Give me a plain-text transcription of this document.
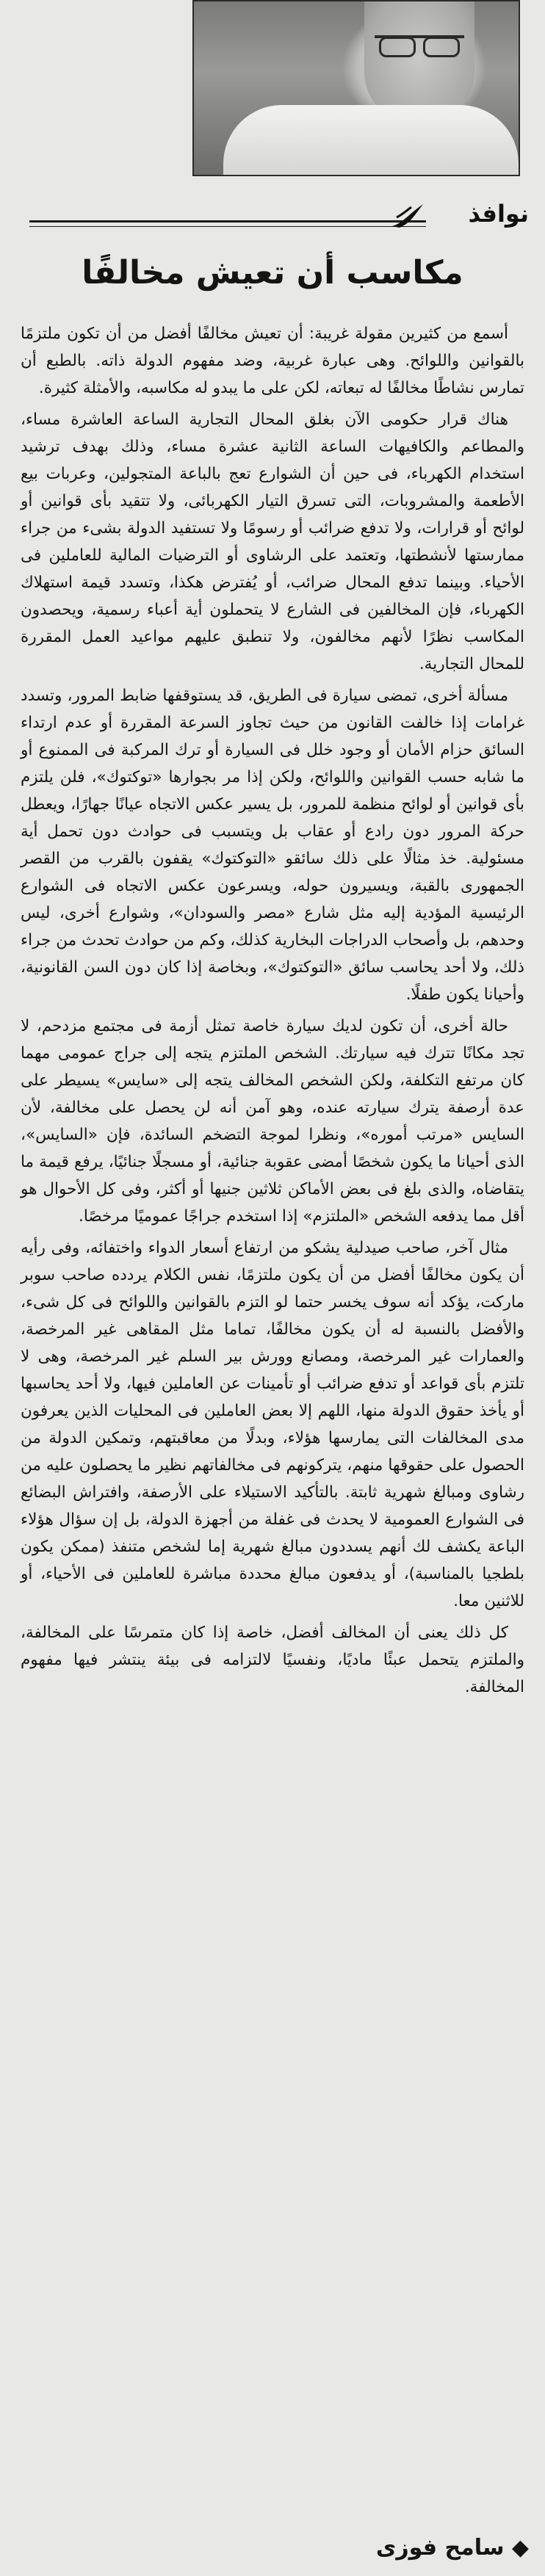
نوافذ
مكاسب أن تعيش مخالفًا

أسمع من كثيرين مقولة غريبة: أن تعيش مخالفًا أفضل من أن تكون ملتزمًا بالقوانين واللوائح. وهى عبارة غربية، وضد مفهوم الدولة ذاته. بالطبع أن تمارس نشاطًا مخالفًا له تبعاته، لكن على ما يبدو له مكاسبه، والأمثلة كثيرة.

هناك قرار حكومى الآن بغلق المحال التجارية الساعة العاشرة مساء، والمطاعم والكافيهات الساعة الثانية عشرة مساء، وذلك بهدف ترشيد استخدام الكهرباء، فى حين أن الشوارع تعج بالباعة المتجولين، وعربات بيع الأطعمة والمشروبات، التى تسرق التيار الكهربائى، ولا تتقيد بأى قوانين أو لوائح أو قرارات، ولا تدفع ضرائب أو رسومًا ولا تستفيد الدولة بشىء من جراء ممارستها لأنشطتها، وتعتمد على الرشاوى أو الترضيات المالية للعاملين فى الأحياء. وبينما تدفع المحال ضرائب، أو يُفترض هكذا، وتسدد قيمة استهلاك الكهرباء، فإن المخالفين فى الشارع لا يتحملون أية أعباء رسمية، ويحصدون المكاسب نظرًا لأنهم مخالفون، ولا تنطبق عليهم مواعيد العمل المقررة للمحال التجارية.

مسألة أخرى، تمضى سيارة فى الطريق، قد يستوقفها ضابط المرور، وتسدد غرامات إذا خالفت القانون من حيث تجاوز السرعة المقررة أو عدم ارتداء السائق حزام الأمان أو وجود خلل فى السيارة أو ترك المركبة فى الممنوع أو ما شابه حسب القوانين واللوائح، ولكن إذا مر بجوارها «توكتوك»، فلن يلتزم بأى قوانين أو لوائح منظمة للمرور، بل يسير عكس الاتجاه عيانًا جهارًا، ويعطل حركة المرور دون رادع أو عقاب بل ويتسبب فى حوادث دون تحمل أية مسئولية. خذ مثالًا على ذلك سائقو «التوكتوك» يقفون بالقرب من القصر الجمهورى بالقبة، ويسيرون حوله، ويسرعون عكس الاتجاه فى الشوارع الرئيسية المؤدية إليه مثل شارع «مصر والسودان»، وشوارع أخرى، ليس وحدهم، بل وأصحاب الدراجات البخارية كذلك، وكم من حوادث تحدث من جراء ذلك، ولا أحد يحاسب سائق «التوكتوك»، وبخاصة إذا كان دون السن القانونية، وأحيانا يكون طفلًا.

حالة أخرى، أن تكون لديك سيارة خاصة تمثل أزمة فى مجتمع مزدحم، لا تجد مكانًا تترك فيه سيارتك. الشخص الملتزم يتجه إلى جراج عمومى مهما كان مرتفع التكلفة، ولكن الشخص المخالف يتجه إلى «سايس» يسيطر على عدة أرصفة يترك سيارته عنده، وهو آمن أنه لن يحصل على مخالفة، لأن السايس «مرتب أموره»، ونظرا لموجة التضخم السائدة، فإن «السايس»، الذى أحيانا ما يكون شخصًا أمضى عقوبة جنائية، أو مسجلًا جنائيًا، يرفع قيمة ما يتقاضاه، والذى بلغ فى بعض الأماكن ثلاثين جنيها أو أكثر، وفى كل الأحوال هو أقل مما يدفعه الشخص «الملتزم» إذا استخدم جراجًا عموميًا مرخصًا.

مثال آخر، صاحب صيدلية يشكو من ارتفاع أسعار الدواء واختفائه، وفى رأيه أن يكون مخالفًا أفضل من أن يكون ملتزمًا، نفس الكلام يردده صاحب سوبر ماركت، يؤكد أنه سوف يخسر حتما لو التزم بالقوانين واللوائح فى كل شىء، والأفضل بالنسبة له أن يكون مخالفًا، تماما مثل المقاهى غير المرخصة، والعمارات غير المرخصة، ومصانع وورش بير السلم غير المرخصة، وهى لا تلتزم بأى قواعد أو تدفع ضرائب أو تأمينات عن العاملين فيها، ولا أحد يحاسبها أو يأخذ حقوق الدولة منها، اللهم إلا بعض العاملين فى المحليات الذين يعرفون مدى المخالفات التى يمارسها هؤلاء، وبدلًا من معاقبتهم، وتمكين الدولة من الحصول على حقوقها منهم، يتركونهم فى مخالفاتهم نظير ما يحصلون عليه من رشاوى ومبالغ شهرية ثابتة. بالتأكيد الاستيلاء على الأرصفة، وافتراش البضائع فى الشوارع العمومية لا يحدث فى غفلة من أجهزة الدولة، بل إن سؤال هؤلاء الباعة يكشف لك أنهم يسددون مبالغ شهرية إما لشخص متنفذ (ممكن يكون بلطجيا بالمناسبة)، أو يدفعون مبالغ محددة مباشرة للعاملين فى الأحياء، أو للاثنين معا.

كل ذلك يعنى أن المخالف أفضل، خاصة إذا كان متمرسًا على المخالفة، والملتزم يتحمل عبئًا ماديًا، ونفسيًا لالتزامه فى بيئة ينتشر فيها مفهوم المخالفة.

◆ سامح فوزى
